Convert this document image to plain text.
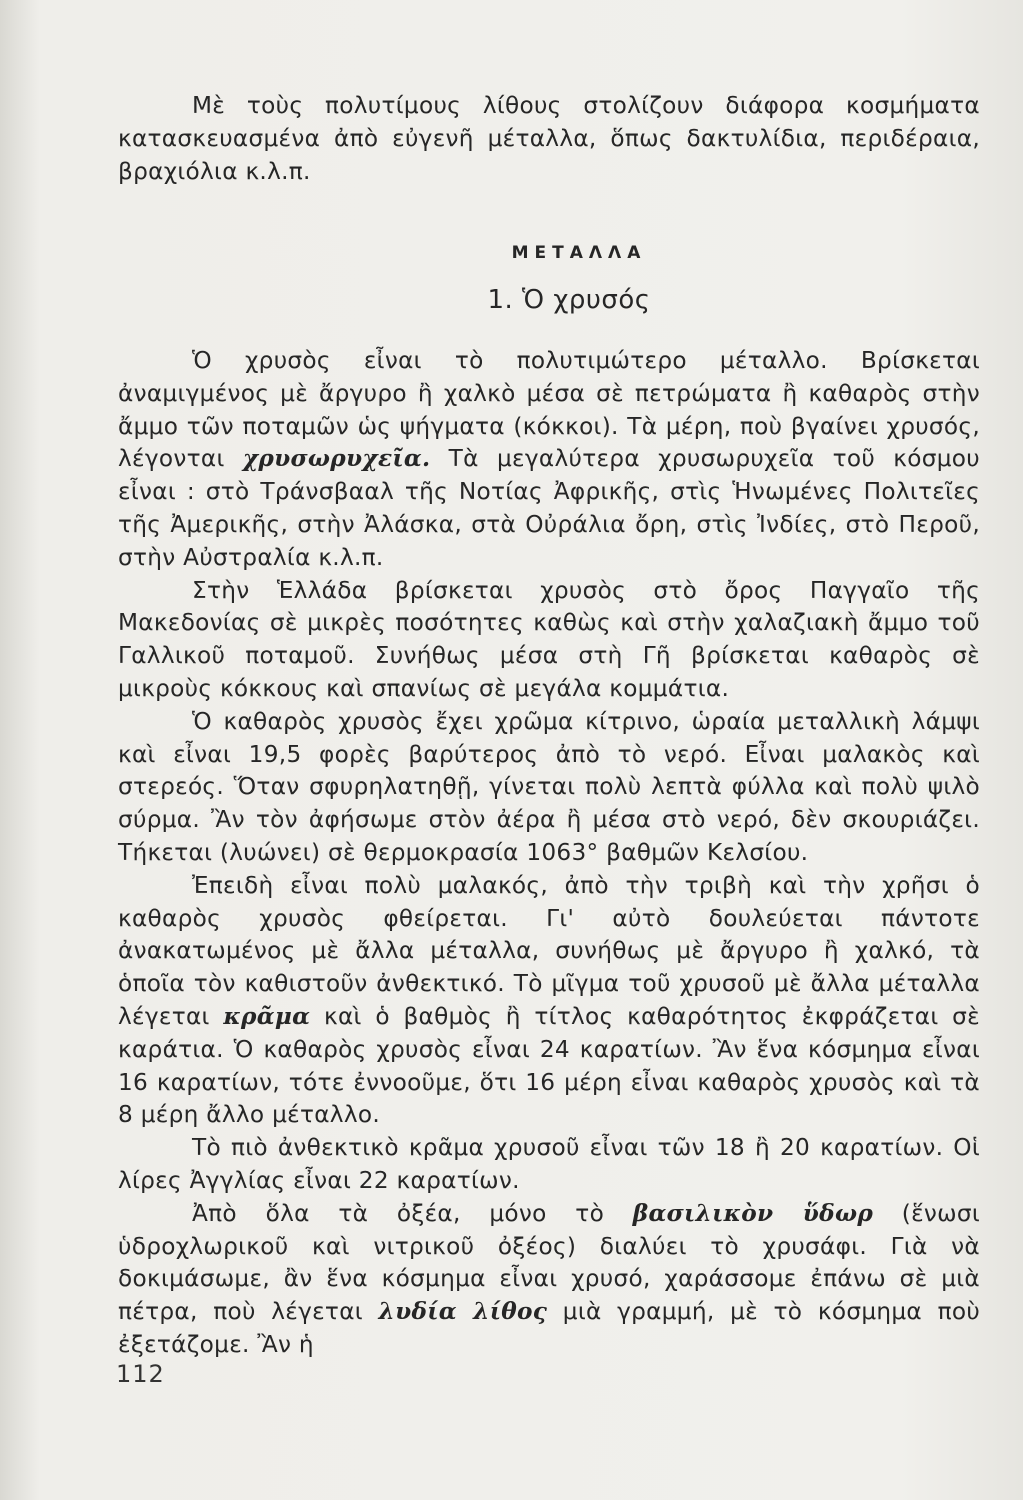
Μὲ τοὺς πολυτίμους λίθους στολίζουν διάφορα κοσμήματα κατασκευασμένα ἀπὸ εὐγενῆ μέταλλα, ὅπως δακτυλίδια, περιδέραια, βραχιόλια κ.λ.π.

ΜΕΤΑΛΛΑ
1. Ὁ χρυσός

Ὁ χρυσὸς εἶναι τὸ πολυτιμώτερο μέταλλο. Βρίσκεται ἀναμιγμένος μὲ ἄργυρο ἢ χαλκὸ μέσα σὲ πετρώματα ἢ καθαρὸς στὴν ἄμμο τῶν ποταμῶν ὡς ψήγματα (κόκκοι). Τὰ μέρη, ποὺ βγαίνει χρυσός, λέγονται χρυσωρυχεῖα. Τὰ μεγαλύτερα χρυσωρυχεῖα τοῦ κόσμου εἶναι : στὸ Τράνσβααλ τῆς Νοτίας Ἀφρικῆς, στὶς Ἡνωμένες Πολιτεῖες τῆς Ἀμερικῆς, στὴν Ἀλάσκα, στὰ Οὐράλια ὄρη, στὶς Ἰνδίες, στὸ Περοῦ, στὴν Αὐστραλία κ.λ.π.

Στὴν Ἑλλάδα βρίσκεται χρυσὸς στὸ ὄρος Παγγαῖο τῆς Μακεδονίας σὲ μικρὲς ποσότητες καθὼς καὶ στὴν χαλαζιακὴ ἄμμο τοῦ Γαλλικοῦ ποταμοῦ. Συνήθως μέσα στὴ Γῆ βρίσκεται καθαρὸς σὲ μικροὺς κόκκους καὶ σπανίως σὲ μεγάλα κομμάτια.

Ὁ καθαρὸς χρυσὸς ἔχει χρῶμα κίτρινο, ὡραία μεταλλικὴ λάμψι καὶ εἶναι 19,5 φορὲς βαρύτερος ἀπὸ τὸ νερό. Εἶναι μαλακὸς καὶ στερεός. Ὅταν σφυρηλατηθῇ, γίνεται πολὺ λεπτὰ φύλλα καὶ πολὺ ψιλὸ σύρμα. Ἂν τὸν ἀφήσωμε στὸν ἀέρα ἢ μέσα στὸ νερό, δὲν σκουριάζει. Τήκεται (λυώνει) σὲ θερμοκρασία 1063° βαθμῶν Κελσίου.

Ἐπειδὴ εἶναι πολὺ μαλακός, ἀπὸ τὴν τριβὴ καὶ τὴν χρῆσι ὁ καθαρὸς χρυσὸς φθείρεται. Γι' αὐτὸ δουλεύεται πάντοτε ἀνακατωμένος μὲ ἄλλα μέταλλα, συνήθως μὲ ἄργυρο ἢ χαλκό, τὰ ὁποῖα τὸν καθιστοῦν ἀνθεκτικό. Τὸ μῖγμα τοῦ χρυσοῦ μὲ ἄλλα μέταλλα λέγεται κρᾶμα καὶ ὁ βαθμὸς ἢ τίτλος καθαρότητος ἐκφράζεται σὲ καράτια. Ὁ καθαρὸς χρυσὸς εἶναι 24 καρατίων. Ἂν ἕνα κόσμημα εἶναι 16 καρατίων, τότε ἐννοοῦμε, ὅτι 16 μέρη εἶναι καθαρὸς χρυσὸς καὶ τὰ 8 μέρη ἄλλο μέταλλο.

Τὸ πιὸ ἀνθεκτικὸ κρᾶμα χρυσοῦ εἶναι τῶν 18 ἢ 20 καρατίων. Οἱ λίρες Ἀγγλίας εἶναι 22 καρατίων.

Ἀπὸ ὅλα τὰ ὀξέα, μόνο τὸ βασιλικὸν ὕδωρ (ἕνωσι ὑδροχλωρικοῦ καὶ νιτρικοῦ ὀξέος) διαλύει τὸ χρυσάφι. Γιὰ νὰ δοκιμάσωμε, ἂν ἕνα κόσμημα εἶναι χρυσό, χαράσσομε ἐπάνω σὲ μιὰ πέτρα, ποὺ λέγεται λυδία λίθος μιὰ γραμμή, μὲ τὸ κόσμημα ποὺ ἐξετάζομε. Ἂν ἡ

112
